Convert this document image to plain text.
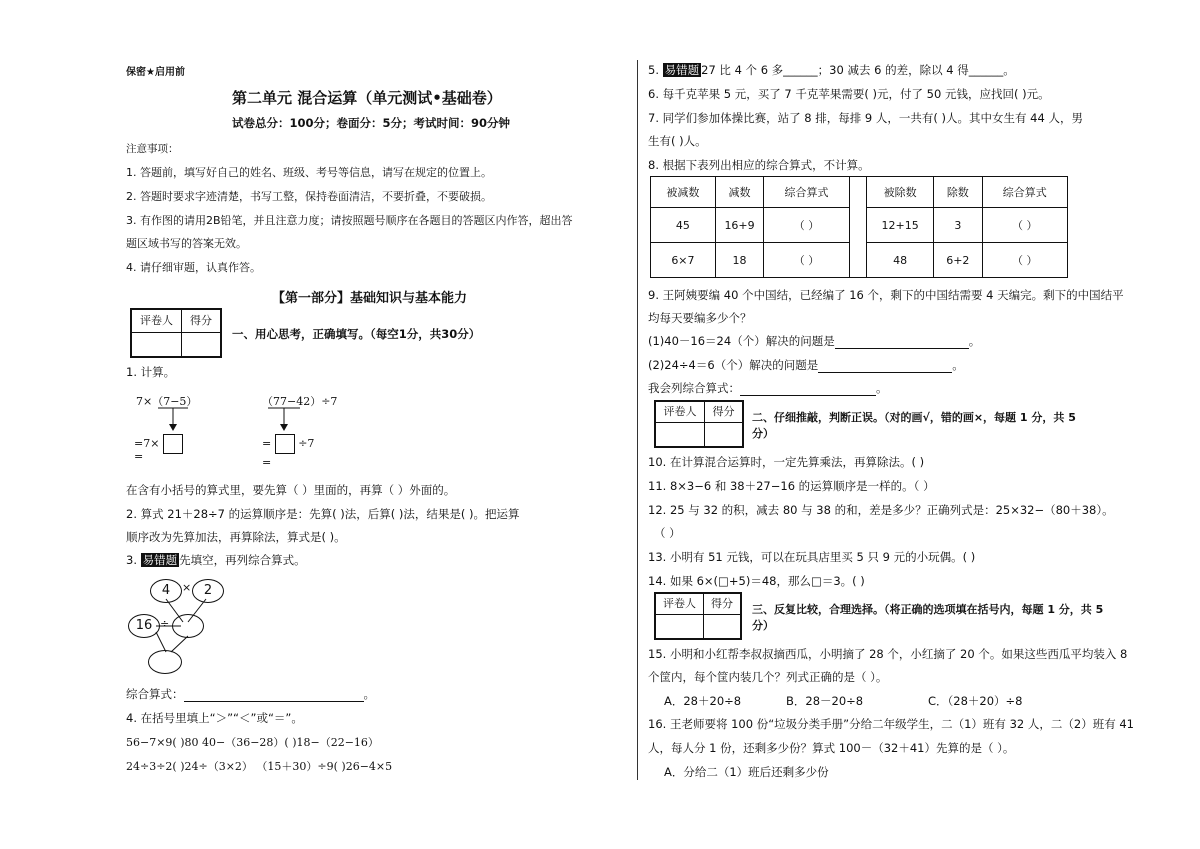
保密★启用前
第二单元 混合运算（单元测试•基础卷）
试卷总分：100分；卷面分：5分；考试时间：90分钟
注意事项：
1. 答题前，填写好自己的姓名、班级、考号等信息，请写在规定的位置上。
2. 答题时要求字迹清楚，书写工整，保持卷面清洁，不要折叠，不要破损。
3. 有作图的请用2B铅笔，并且注意力度；请按照题号顺序在各题目的答题区内作答，超出答
题区域书写的答案无效。
4. 请仔细审题，认真作答。
【第一部分】基础知识与基本能力
评卷人	得分
一、用心思考，正确填写。（每空1分，共30分）
1. 计算。
7×（7−5）
=7×
=
（77−42）÷7
= ÷7
=
在含有小括号的算式里，要先算（ ）里面的，再算（ ）外面的。
2. 算式 21＋28÷7 的运算顺序是：先算( )法，后算( )法，结果是( )。把运算
顺序改为先算加法，再算除法，算式是( )。
3. 易错题 先填空，再列综合算式。
4	× 2
16 ÷
综合算式：	。
4. 在括号里填上“＞”“＜”或“＝”。
56−7×9( )80 40−（36−28）( )18−（22−16）
24÷3÷2( )24÷（3×2） （15＋30）÷9( )26−4×5
5. 易错题 27 比 4 个 6 多______；30 减去 6 的差，除以 4 得______。
6. 每千克苹果 5 元，买了 7 千克苹果需要( )元，付了 50 元钱，应找回( )元。
7. 同学们参加体操比赛，站了 8 排，每排 9 人，一共有( )人。其中女生有 44 人，男
生有( )人。
8. 根据下表列出相应的综合算式，不计算。
被减数	减数	综合算式		被除数	除数	综合算式
45	16+9	（ ）		12+15	3	（ ）
6×7	18	（ ）		48	6+2	（ ）
9. 王阿姨要编 40 个中国结，已经编了 16 个，剩下的中国结需要 4 天编完。剩下的中国结平
均每天要编多少个？
(1)40－16＝24（个）解决的问题是	。
(2)24÷4＝6（个）解决的问题是	。
我会列综合算式：	。
评卷人	得分	二、仔细推敲，判断正误。（对的画√，错的画×，每题 1 分，共 5
分）
10. 在计算混合运算时，一定先算乘法，再算除法。( )
11. 8×3−6 和 38＋27−16 的运算顺序是一样的。（ ）
12. 25 与 32 的积，减去 80 与 38 的和，差是多少？正确列式是：25×32−（80＋38）。
（ ）
13. 小明有 51 元钱，可以在玩具店里买 5 只 9 元的小玩偶。( )
14. 如果 6×(□+5)＝48，那么□＝3。( )
评卷人	得分	三、反复比较，合理选择。（将正确的选项填在括号内，每题 1 分，共 5
分）
15. 小明和小红帮李叔叔摘西瓜，小明摘了 28 个，小红摘了 20 个。如果这些西瓜平均装入 8
个筐内，每个筐内装几个？列式正确的是（ ）。
A．28＋20÷8	B．28－20÷8	C．（28＋20）÷8
16. 王老师要将 100 份“垃圾分类手册”分给二年级学生，二（1）班有 32 人，二（2）班有 41
人，每人分 1 份，还剩多少份？算式 100－（32＋41）先算的是（ ）。
A．分给二（1）班后还剩多少份
